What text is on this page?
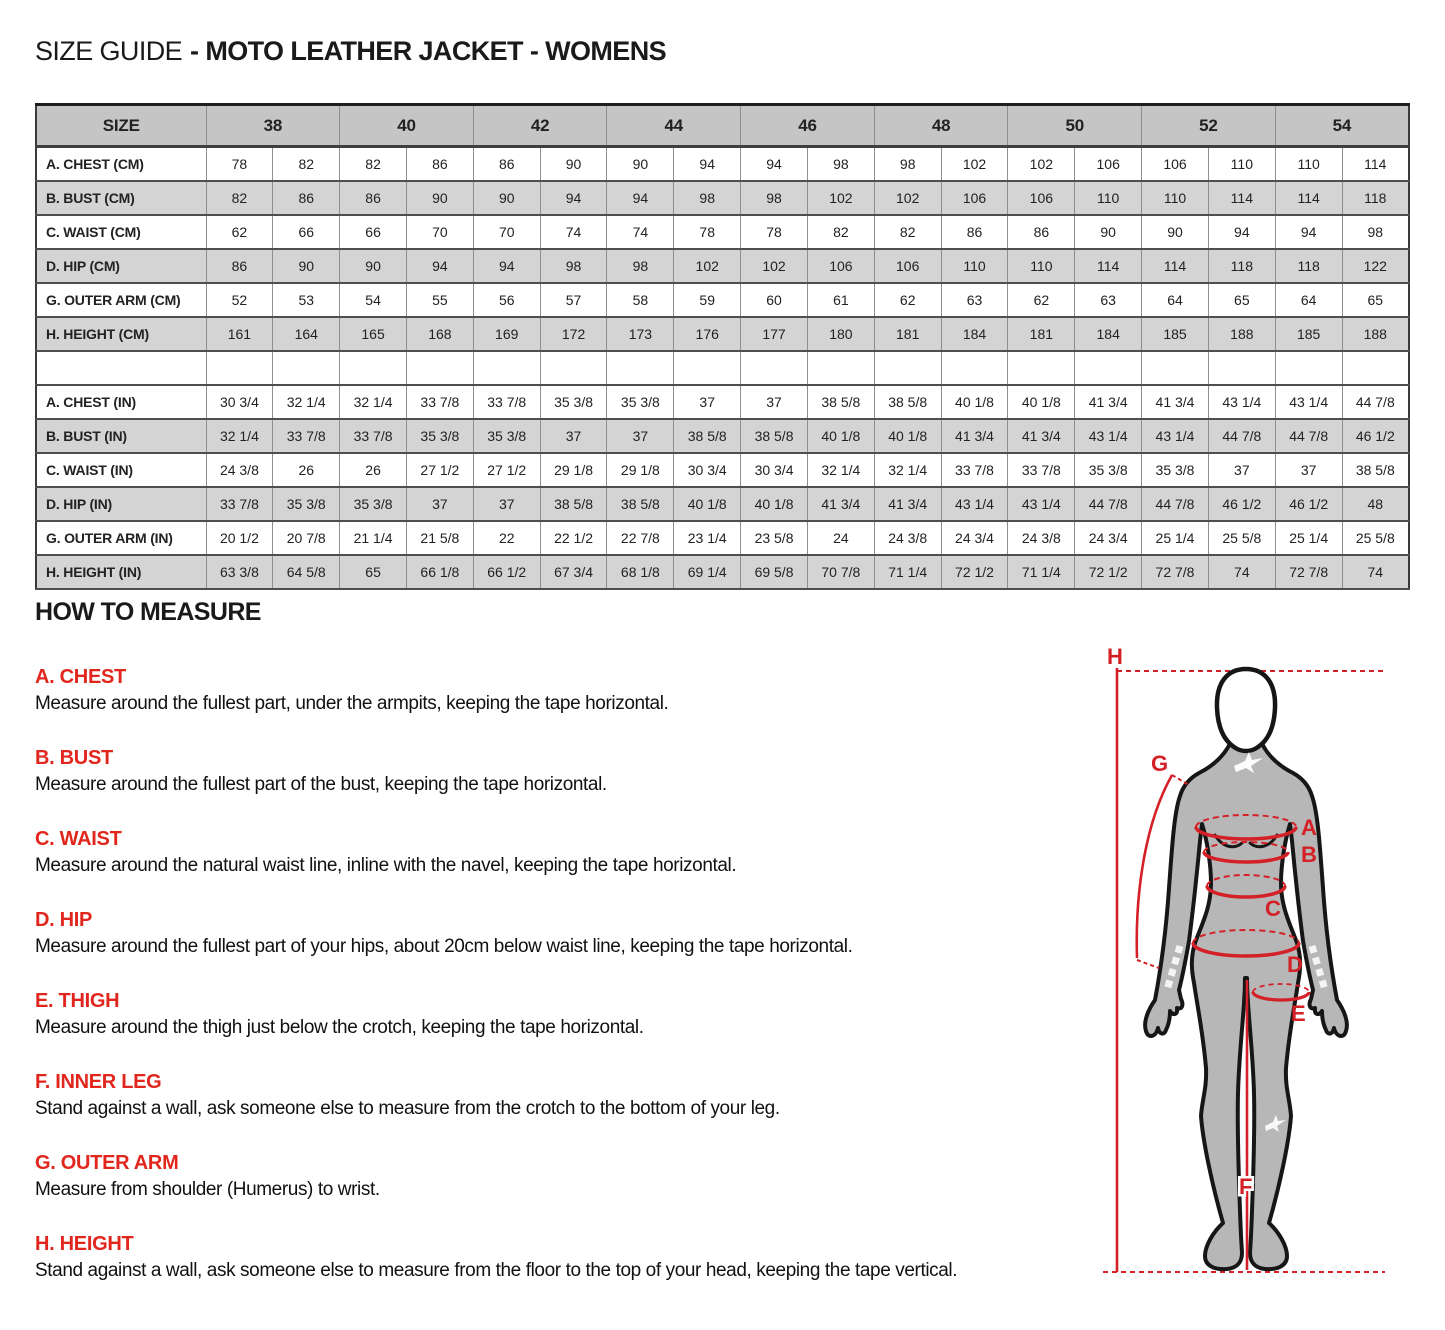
SIZE GUIDE - MOTO LEATHER JACKET - WOMENS
SIZE	38		40		42		44		46		48		50		52		54	
A. CHEST (CM)	78	82	82	86	86	90	90	94	94	98	98	102	102	106	106	110	110	114
B. BUST (CM)	82	86	86	90	90	94	94	98	98	102	102	106	106	110	110	114	114	118
C. WAIST (CM)	62	66	66	70	70	74	74	78	78	82	82	86	86	90	90	94	94	98
D. HIP (CM)	86	90	90	94	94	98	98	102	102	106	106	110	110	114	114	118	118	122
G. OUTER ARM (CM)	52	53	54	55	56	57	58	59	60	61	62	63	62	63	64	65	64	65
H. HEIGHT (CM)	161	164	165	168	169	172	173	176	177	180	181	184	181	184	185	188	185	188

A. CHEST (IN)	30 3/4	32 1/4	32 1/4	33 7/8	33 7/8	35 3/8	35 3/8	37	37	38 5/8	38 5/8	40 1/8	40 1/8	41 3/4	41 3/4	43 1/4	43 1/4	44 7/8
B. BUST (IN)	32 1/4	33 7/8	33 7/8	35 3/8	35 3/8	37	37	38 5/8	38 5/8	40 1/8	40 1/8	41 3/4	41 3/4	43 1/4	43 1/4	44 7/8	44 7/8	46 1/2
C. WAIST (IN)	24 3/8	26	26	27 1/2	27 1/2	29 1/8	29 1/8	30 3/4	30 3/4	32 1/4	32 1/4	33 7/8	33 7/8	35 3/8	35 3/8	37	37	38 5/8
D. HIP (IN)	33 7/8	35 3/8	35 3/8	37	37	38 5/8	38 5/8	40 1/8	40 1/8	41 3/4	41 3/4	43 1/4	43 1/4	44 7/8	44 7/8	46 1/2	46 1/2	48
G. OUTER ARM (IN)	20 1/2	20 7/8	21 1/4	21 5/8	22	22 1/2	22 7/8	23 1/4	23 5/8	24	24 3/8	24 3/4	24 3/8	24 3/4	25 1/4	25 5/8	25 1/4	25 5/8
H. HEIGHT (IN)	63 3/8	64 5/8	65	66 1/8	66 1/2	67 3/4	68 1/8	69 1/4	69 5/8	70 7/8	71 1/4	72 1/2	71 1/4	72 1/2	72 7/8	74	72 7/8	74
HOW TO MEASURE
A. CHEST
Measure around the fullest part, under the armpits, keeping the tape horizontal.
B. BUST
Measure around the fullest part of the bust, keeping the tape horizontal.
C. WAIST
Measure around the natural waist line, inline with the navel, keeping the tape horizontal.
D. HIP
Measure around the fullest part of your hips, about 20cm below waist line, keeping the tape horizontal.
E. THIGH
Measure around the thigh just below the crotch, keeping the tape horizontal.
F. INNER LEG
Stand against a wall, ask someone else to measure from the crotch to the bottom of your leg.
G. OUTER ARM
Measure from shoulder (Humerus) to wrist.
H. HEIGHT
Stand against a wall, ask someone else to measure from the floor to the top of your head, keeping the tape vertical.
H
A
B
C
D
E
F
G
